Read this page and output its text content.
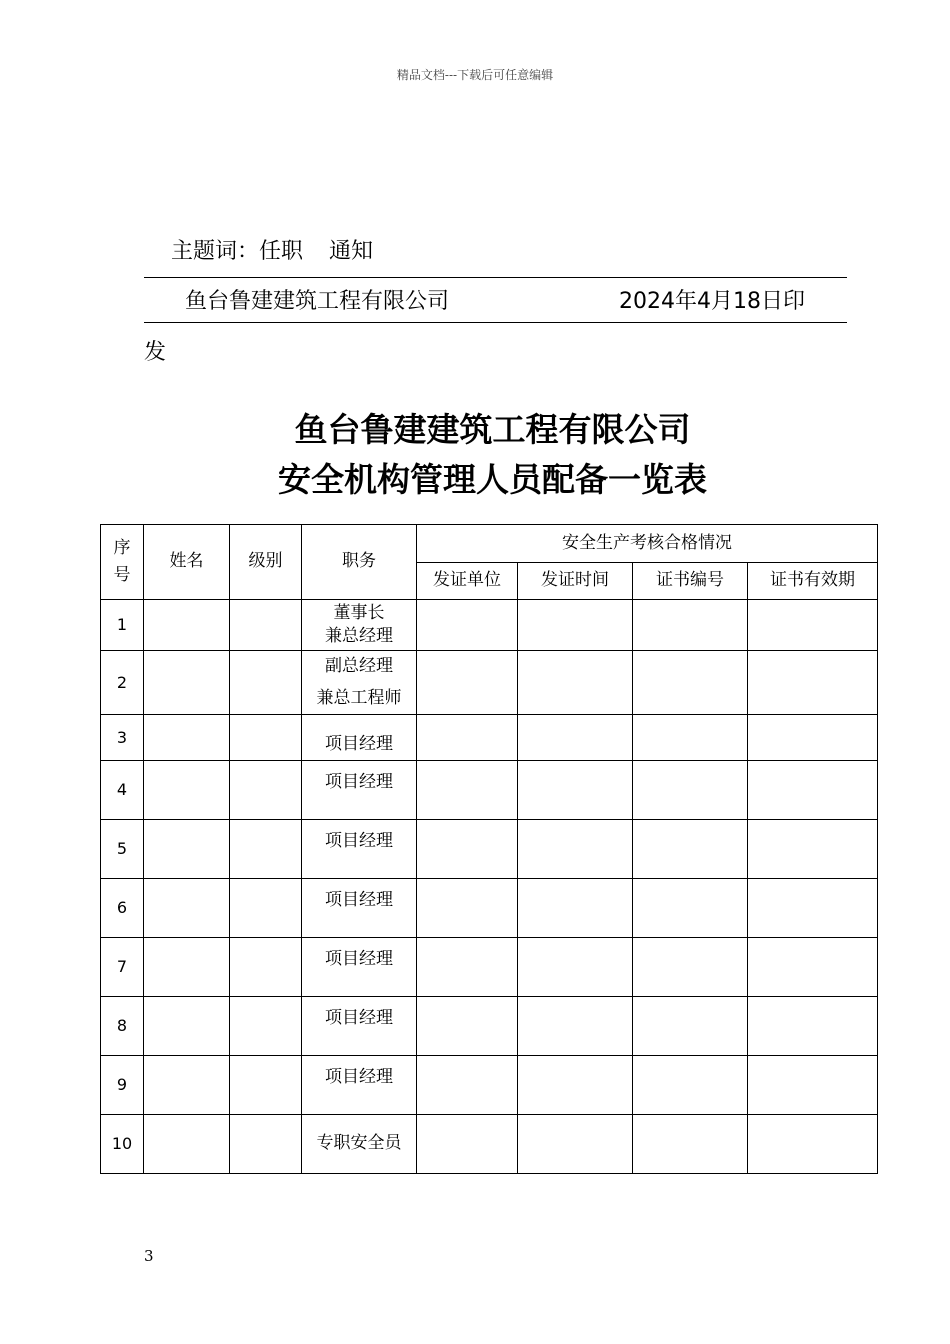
精品文档---下载后可任意编辑
主题词：任职 通知
鱼台鲁建建筑工程有限公司	2024年4月18日印
发
鱼台鲁建建筑工程有限公司
安全机构管理人员配备一览表
序
号	姓名	级别	职务	安全生产考核合格情况			
				发证单位	发证时间	证书编号	证书有效期
1			董事长
兼总经理				

2			副总经理
兼总工程师				

3			项目经理				
4			项目经理				
5			项目经理				
6			项目经理				
7			项目经理				
8			项目经理				
9			项目经理				
10			专职安全员				
3
